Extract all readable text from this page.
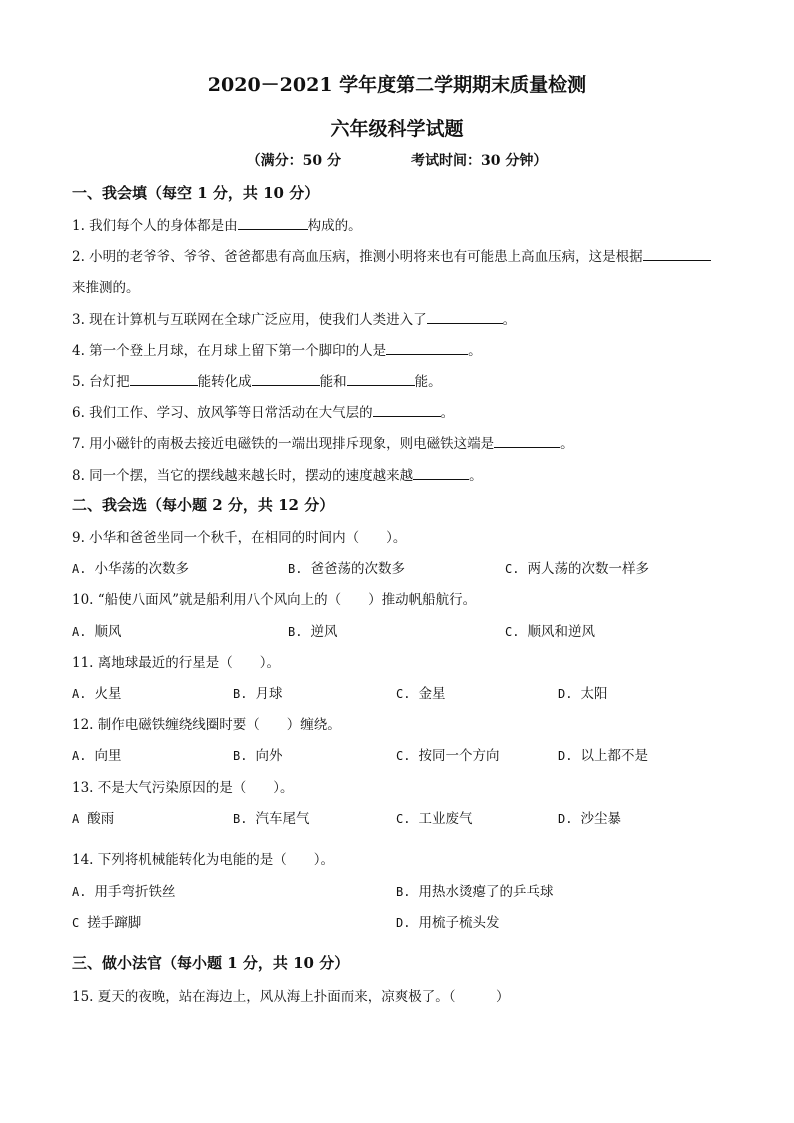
2020－2021 学年度第二学期期末质量检测
六年级科学试题
（满分：50 分	考试时间：30 分钟）
一、我会填（每空 1 分，共 10 分）
1. 我们每个人的身体都是由	构成的。
2. 小明的老爷爷、爷爷、爸爸都患有高血压病，推测小明将来也有可能患上高血压病，这是根据
来推测的。
3. 现在计算机与互联网在全球广泛应用，使我们人类进入了	。
4. 第一个登上月球，在月球上留下第一个脚印的人是	。
5. 台灯把	能转化成	能和	能。
6. 我们工作、学习、放风筝等日常活动在大气层的	。
7. 用小磁针的南极去接近电磁铁的一端出现排斥现象，则电磁铁这端是	。
8. 同一个摆，当它的摆线越来越长时，摆动的速度越来越	。
二、我会选（每小题 2 分，共 12 分）
9. 小华和爸爸坐同一个秋千，在相同的时间内（　　）。
A. 小华荡的次数多	B. 爸爸荡的次数多	C. 两人荡的次数一样多
10. “船使八面风”就是船利用八个风向上的（　　）推动帆船航行。
A. 顺风	B. 逆风	C. 顺风和逆风
11. 离地球最近的行星是（　　）。
A. 火星	B. 月球	C. 金星	D. 太阳
12. 制作电磁铁缠绕线圈时要（　　）缠绕。
A. 向里	B. 向外	C. 按同一个方向	D. 以上都不是
13. 不是大气污染原因的是（　　）。
A 酸雨	B. 汽车尾气	C. 工业废气	D. 沙尘暴
14. 下列将机械能转化为电能的是（　　）。
A. 用手弯折铁丝	B. 用热水烫瘪了的乒乓球
C 搓手蹿脚	D. 用梳子梳头发
三、做小法官（每小题 1 分，共 10 分）
15. 夏天的夜晚，站在海边上，风从海上扑面而来，凉爽极了。（　　　）
